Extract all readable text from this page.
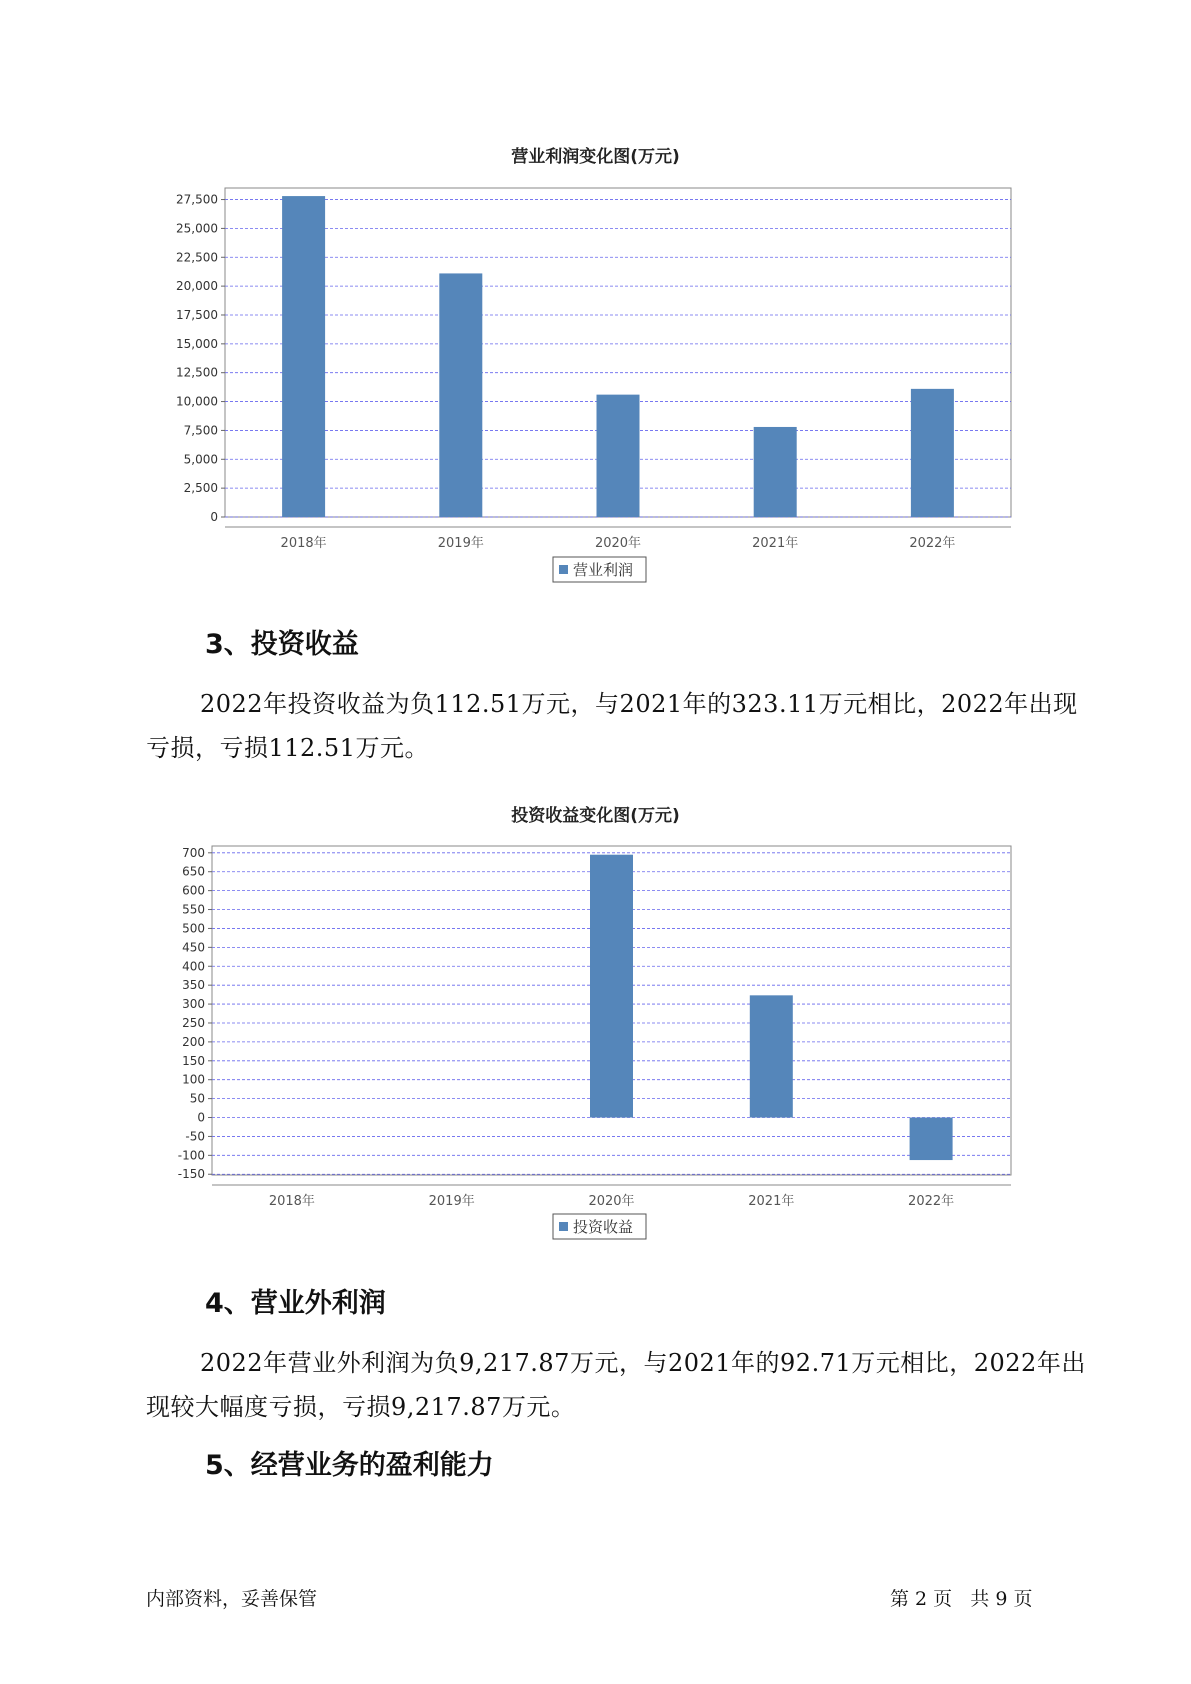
营业利润变化图(万元)
0
2,500
5,000
7,500
10,000
12,500
15,000
17,500
20,000
22,500
25,000
27,500
2018年	2019年	2020年	2021年	2022年
营业利润
3、投资收益
2022年投资收益为负112.51万元，与2021年的323.11万元相比，2022年出现亏损，亏损112.51万元。
投资收益变化图(万元)
-150
-100
-50
0
50
100
150
200
250
300
350
400
450
500
550
600
650
700
2018年	2019年	2020年	2021年	2022年
投资收益
4、营业外利润
2022年营业外利润为负9,217.87万元，与2021年的92.71万元相比，2022年出现较大幅度亏损，亏损9,217.87万元。
5、经营业务的盈利能力
内部资料，妥善保管	第 2 页   共 9 页
